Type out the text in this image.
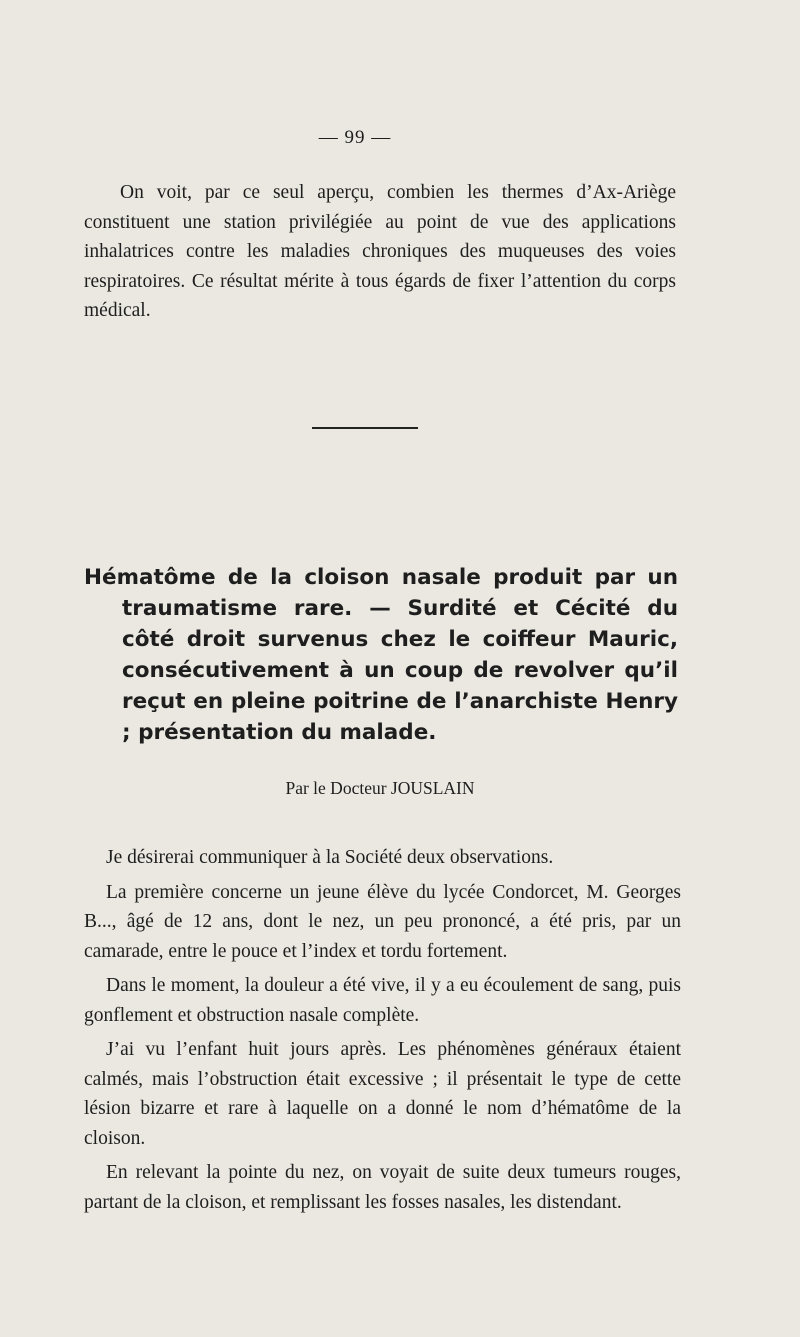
— 99 —

On voit, par ce seul aperçu, combien les thermes d’Ax-Ariège constituent une station privilégiée au point de vue des applications inhalatrices contre les maladies chroniques des muqueuses des voies respiratoires. Ce résultat mérite à tous égards de fixer l’attention du corps médical.

Hématôme de la cloison nasale produit par un traumatisme rare. — Surdité et Cécité du côté droit survenus chez le coiffeur Mauric, consécutivement à un coup de revolver qu’il reçut en pleine poitrine de l’anarchiste Henry ; présentation du malade.
Par le Docteur JOUSLAIN

Je désirerai communiquer à la Société deux observations.

La première concerne un jeune élève du lycée Condorcet, M. Georges B..., âgé de 12 ans, dont le nez, un peu prononcé, a été pris, par un camarade, entre le pouce et l’index et tordu fortement.

Dans le moment, la douleur a été vive, il y a eu écoulement de sang, puis gonflement et obstruction nasale complète.

J’ai vu l’enfant huit jours après. Les phénomènes généraux étaient calmés, mais l’obstruction était excessive ; il présentait le type de cette lésion bizarre et rare à laquelle on a donné le nom d’hématôme de la cloison.

En relevant la pointe du nez, on voyait de suite deux tumeurs rouges, partant de la cloison, et remplissant les fosses nasales, les distendant.
